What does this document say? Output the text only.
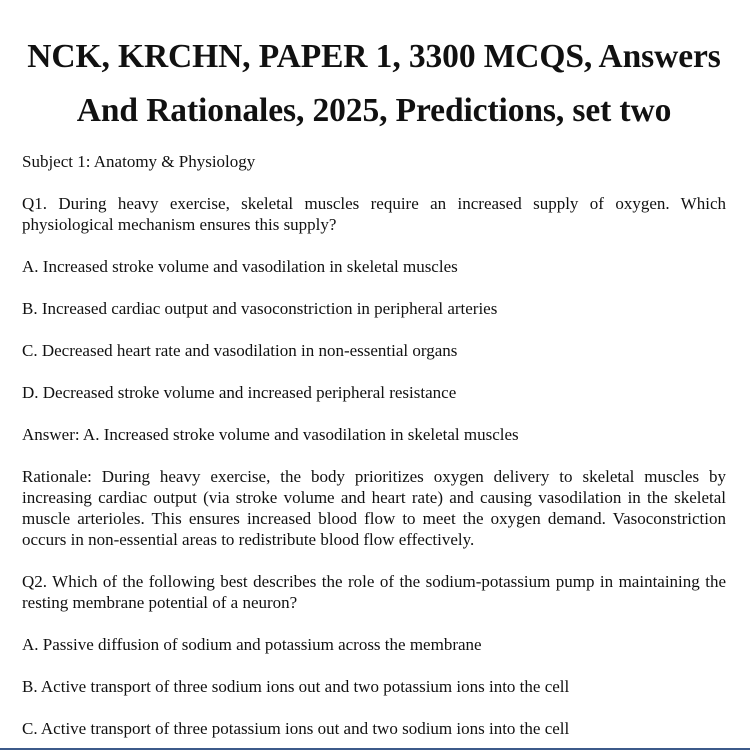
NCK, KRCHN, PAPER 1, 3300 MCQS, Answers
And Rationales, 2025, Predictions, set two

Subject 1: Anatomy & Physiology

Q1. During heavy exercise, skeletal muscles require an increased supply of oxygen. Which physiological mechanism ensures this supply?

A. Increased stroke volume and vasodilation in skeletal muscles

B. Increased cardiac output and vasoconstriction in peripheral arteries

C. Decreased heart rate and vasodilation in non-essential organs

D. Decreased stroke volume and increased peripheral resistance

Answer: A. Increased stroke volume and vasodilation in skeletal muscles

Rationale: During heavy exercise, the body prioritizes oxygen delivery to skeletal muscles by increasing cardiac output (via stroke volume and heart rate) and causing vasodilation in the skeletal muscle arterioles. This ensures increased blood flow to meet the oxygen demand. Vasoconstriction occurs in non-essential areas to redistribute blood flow effectively.

Q2. Which of the following best describes the role of the sodium-potassium pump in maintaining the resting membrane potential of a neuron?

A. Passive diffusion of sodium and potassium across the membrane

B. Active transport of three sodium ions out and two potassium ions into the cell

C. Active transport of three potassium ions out and two sodium ions into the cell
